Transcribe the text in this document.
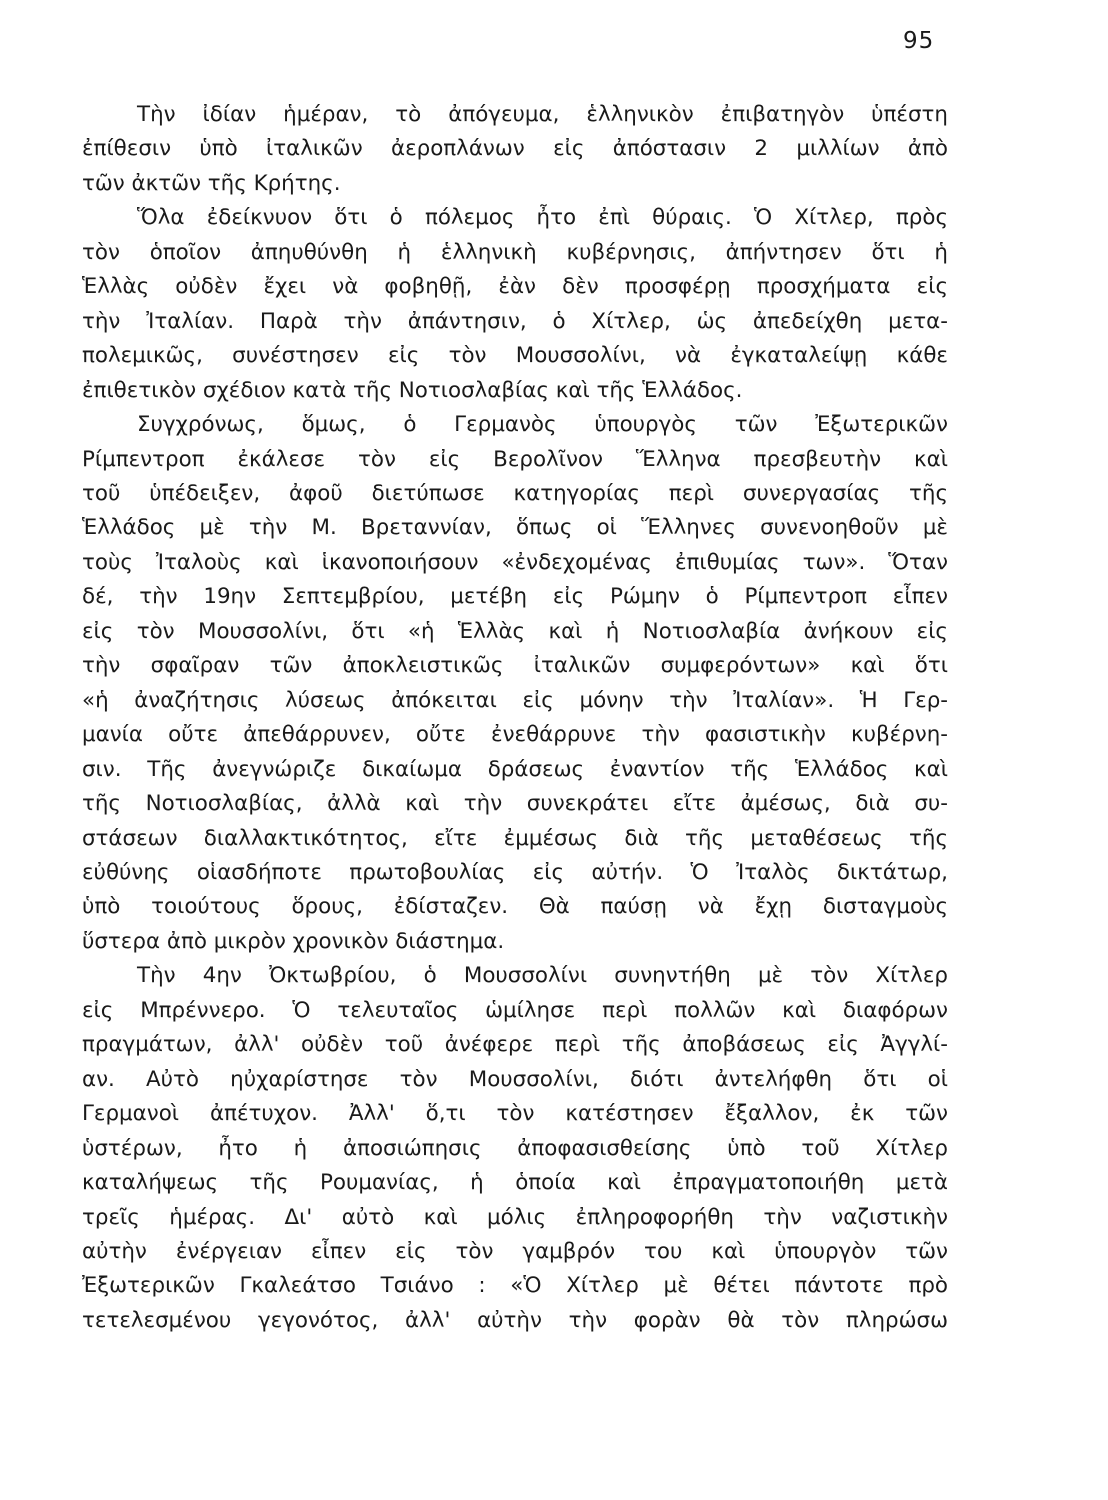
95

Τὴν ἰδίαν ἡμέραν, τὸ ἀπόγευμα, ἑλληνικὸν ἐπιβατηγὸν ὑπέστη
ἐπίθεσιν ὑπὸ ἰταλικῶν ἀεροπλάνων εἰς ἀπόστασιν 2 μιλλίων ἀπὸ
τῶν ἀκτῶν τῆς Κρήτης.

Ὅλα ἐδείκνυον ὅτι ὁ πόλεμος ἦτο ἐπὶ θύραις. Ὁ Χίτλερ, πρὸς
τὸν ὁποῖον ἀπηυθύνθη ἡ ἑλληνικὴ κυβέρνησις, ἀπήντησεν ὅτι ἡ
Ἑλλὰς οὐδὲν ἔχει νὰ φοβηθῇ, ἐὰν δὲν προσφέρῃ προσχήματα εἰς
τὴν Ἰταλίαν. Παρὰ τὴν ἀπάντησιν, ὁ Χίτλερ, ὡς ἀπεδείχθη μετα-
πολεμικῶς, συνέστησεν εἰς τὸν Μουσσολίνι, νὰ ἐγκαταλείψῃ κάθε
ἐπιθετικὸν σχέδιον κατὰ τῆς Νοτιοσλαβίας καὶ τῆς Ἑλλάδος.

Συγχρόνως, ὅμως, ὁ Γερμανὸς ὑπουργὸς τῶν Ἐξωτερικῶν
Ρίμπεντροπ ἐκάλεσε τὸν εἰς Βερολῖνον Ἕλληνα πρεσβευτὴν καὶ
τοῦ ὑπέδειξεν, ἀφοῦ διετύπωσε κατηγορίας περὶ συνεργασίας τῆς
Ἑλλάδος μὲ τὴν Μ. Βρεταννίαν, ὅπως οἱ Ἕλληνες συνενοηθοῦν μὲ
τοὺς Ἰταλοὺς καὶ ἱκανοποιήσουν «ἐνδεχομένας ἐπιθυμίας των». Ὅταν
δέ, τὴν 19ην Σεπτεμβρίου, μετέβη εἰς Ρώμην ὁ Ρίμπεντροπ εἶπεν
εἰς τὸν Μουσσολίνι, ὅτι «ἡ Ἑλλὰς καὶ ἡ Νοτιοσλαβία ἀνήκουν εἰς
τὴν σφαῖραν τῶν ἀποκλειστικῶς ἰταλικῶν συμφερόντων» καὶ ὅτι
«ἡ ἀναζήτησις λύσεως ἀπόκειται εἰς μόνην τὴν Ἰταλίαν». Ἡ Γερ-
μανία οὔτε ἀπεθάρρυνεν, οὔτε ἐνεθάρρυνε τὴν φασιστικὴν κυβέρνη-
σιν. Τῆς ἀνεγνώριζε δικαίωμα δράσεως ἐναντίον τῆς Ἑλλάδος καὶ
τῆς Νοτιοσλαβίας, ἀλλὰ καὶ τὴν συνεκράτει εἴτε ἀμέσως, διὰ συ-
στάσεων διαλλακτικότητος, εἴτε ἐμμέσως διὰ τῆς μεταθέσεως τῆς
εὐθύνης οἱασδήποτε πρωτοβουλίας εἰς αὐτήν. Ὁ Ἰταλὸς δικτάτωρ,
ὑπὸ τοιούτους ὅρους, ἐδίσταζεν. Θὰ παύσῃ νὰ ἔχῃ δισταγμοὺς
ὕστερα ἀπὸ μικρὸν χρονικὸν διάστημα.

Τὴν 4ην Ὀκτωβρίου, ὁ Μουσσολίνι συνηντήθη μὲ τὸν Χίτλερ
εἰς Μπρέννερο. Ὁ τελευταῖος ὡμίλησε περὶ πολλῶν καὶ διαφόρων
πραγμάτων, ἀλλ' οὐδὲν τοῦ ἀνέφερε περὶ τῆς ἀποβάσεως εἰς Ἀγγλί-
αν. Αὐτὸ ηὐχαρίστησε τὸν Μουσσολίνι, διότι ἀντελήφθη ὅτι οἱ
Γερμανοὶ ἀπέτυχον. Ἀλλ' ὅ,τι τὸν κατέστησεν ἔξαλλον, ἐκ τῶν
ὑστέρων, ἦτο ἡ ἀποσιώπησις ἀποφασισθείσης ὑπὸ τοῦ Χίτλερ
καταλήψεως τῆς Ρουμανίας, ἡ ὁποία καὶ ἐπραγματοποιήθη μετὰ
τρεῖς ἡμέρας. Δι' αὐτὸ καὶ μόλις ἐπληροφορήθη τὴν ναζιστικὴν
αὐτὴν ἐνέργειαν εἶπεν εἰς τὸν γαμβρόν του καὶ ὑπουργὸν τῶν
Ἐξωτερικῶν Γκαλεάτσο Τσιάνο : «Ὁ Χίτλερ μὲ θέτει πάντοτε πρὸ
τετελεσμένου γεγονότος, ἀλλ' αὐτὴν τὴν φορὰν θὰ τὸν πληρώσω
